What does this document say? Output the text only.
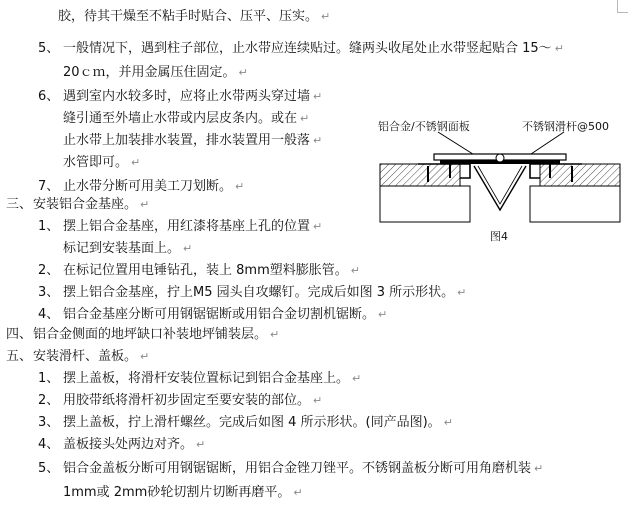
胶，待其干燥至不粘手时贴合、压平、压实。 ↵
5、 一般情况下，遇到柱子部位，止水带应连续贴过。缝两头收尾处止水带竖起贴合 15～ ↵
20ｃｍ，并用金属压住固定。 ↵
6、 遇到室内水较多时，应将止水带两头穿过墙 ↵
缝引通至外墙止水带或内层皮条内。或在 ↵
止水带上加装排水装置，排水装置用一般落 ↵
水管即可。 ↵
7、 止水带分断可用美工刀划断。 ↵
三、 安装铝合金基座。 ↵
1、 摆上铝合金基座，用红漆将基座上孔的位置 ↵
标记到安装基面上。 ↵
2、 在标记位置用电锤钻孔，装上 8mm塑料膨胀管。 ↵
3、 摆上铝合金基座，拧上M5 园头自攻螺钉。完成后如图 3 所示形状。 ↵
4、 铝合金基座分断可用钢锯锯断或用铝合金切割机锯断。 ↵
四、 铝合金侧面的地坪缺口补装地坪铺装层。 ↵
五、 安装滑杆、盖板。 ↵
1、 摆上盖板，将滑杆安装位置标记到铝合金基座上。 ↵
2、 用胶带纸将滑杆初步固定至要安装的部位。 ↵
3、 摆上盖板，拧上滑杆螺丝。完成后如图 4 所示形状。(同产品图)。 ↵
4、 盖板接头处两边对齐。 ↵
5、 铝合金盖板分断可用钢锯锯断，用铝合金锉刀锉平。不锈钢盖板分断可用角磨机装 ↵
1mm或 2mm砂轮切割片切断再磨平。 ↵
铝合金/不锈钢面板	不锈钢滑杆@500
图4
